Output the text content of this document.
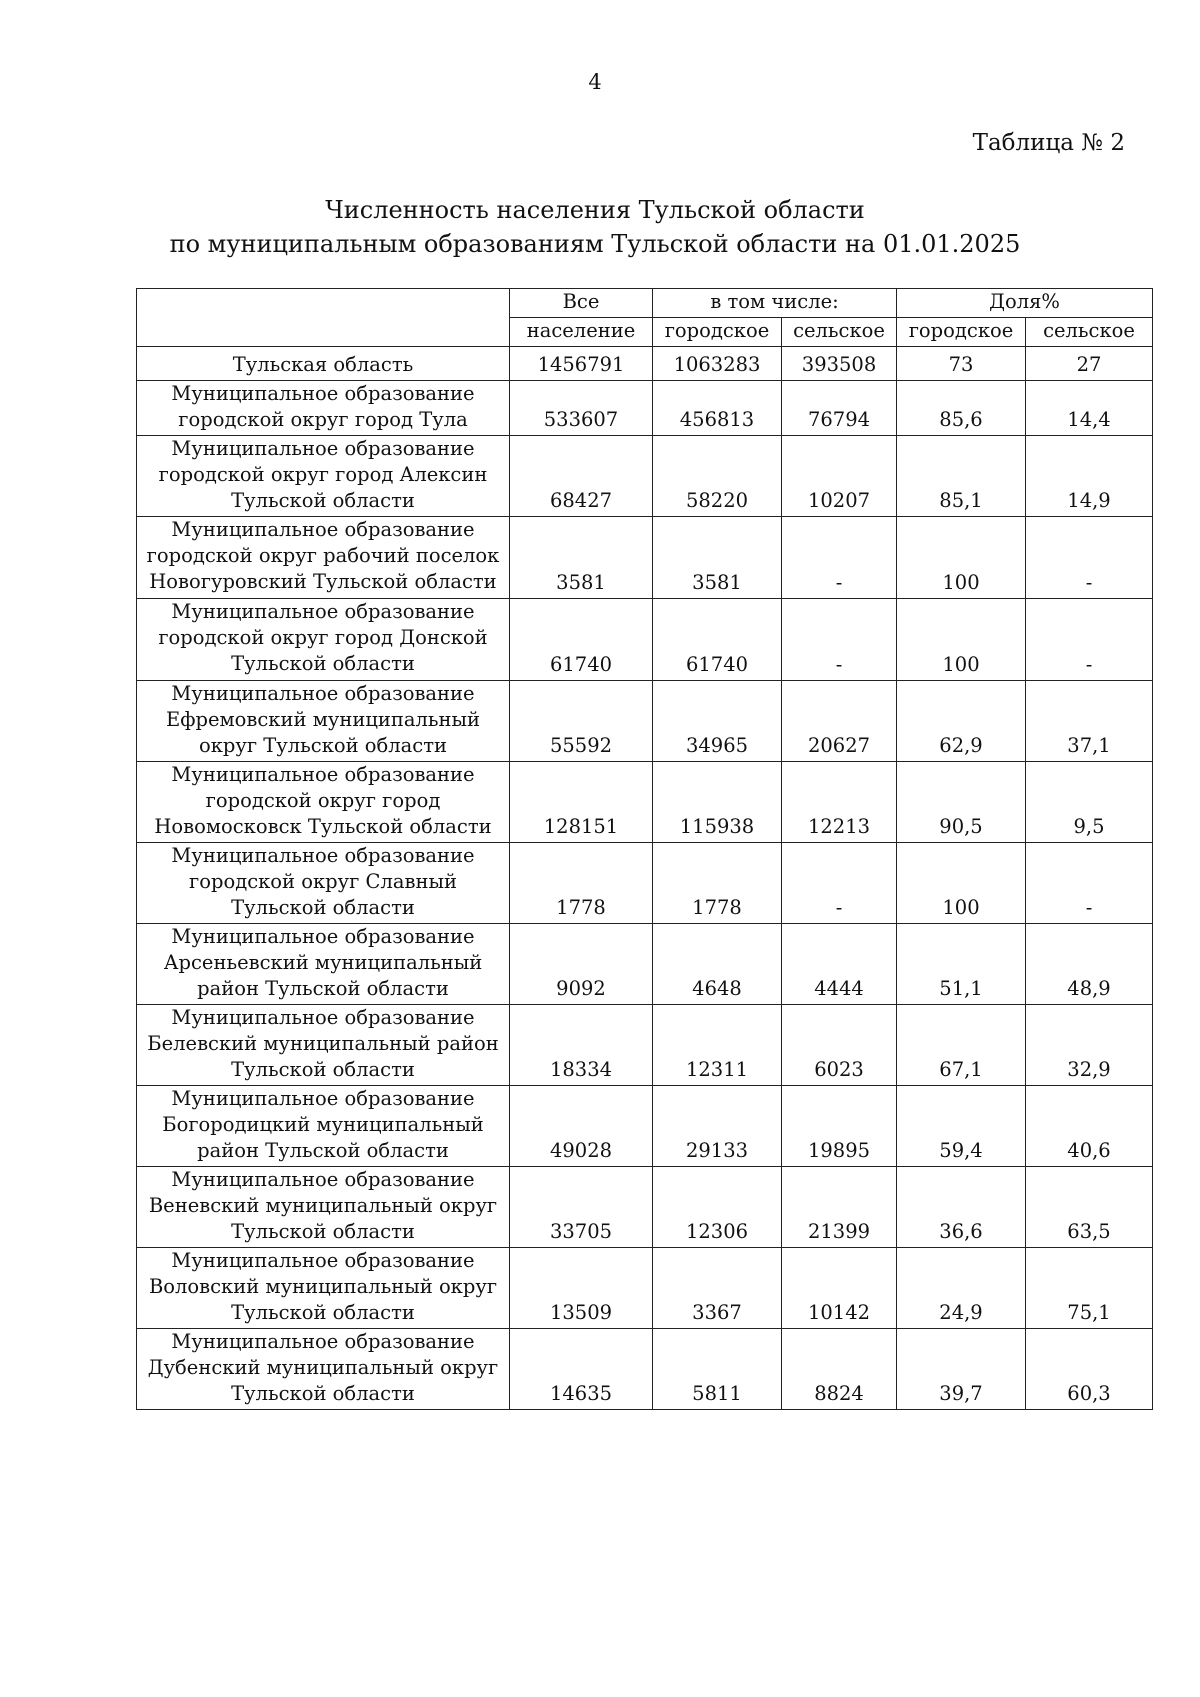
4
Таблица № 2
Численность населения Тульской области
по муниципальным образованиям Тульской области на 01.01.2025
	Все	в том числе:		Доля%	
	население	городское	сельское	городское	сельское

Тульская область	1456791	1063283	393508	73	27

Муниципальное образование
городской округ город Тула	533607	456813	76794	85,6	14,4

Муниципальное образование
городской округ город Алексин
Тульской области	68427	58220	10207	85,1	14,9

Муниципальное образование
городской округ рабочий поселок
Новогуровский Тульской области	3581	3581	-	100	-

Муниципальное образование
городской округ город Донской
Тульской области	61740	61740	-	100	-

Муниципальное образование
Ефремовский муниципальный
округ Тульской области	55592	34965	20627	62,9	37,1

Муниципальное образование
городской округ город
Новомосковск Тульской области	128151	115938	12213	90,5	9,5

Муниципальное образование
городской округ Славный
Тульской области	1778	1778	-	100	-

Муниципальное образование
Арсеньевский муниципальный
район Тульской области	9092	4648	4444	51,1	48,9

Муниципальное образование
Белевский муниципальный район
Тульской области	18334	12311	6023	67,1	32,9

Муниципальное образование
Богородицкий муниципальный
район Тульской области	49028	29133	19895	59,4	40,6

Муниципальное образование
Веневский муниципальный округ
Тульской области	33705	12306	21399	36,6	63,5

Муниципальное образование
Воловский муниципальный округ
Тульской области	13509	3367	10142	24,9	75,1

Муниципальное образование
Дубенский муниципальный округ
Тульской области	14635	5811	8824	39,7	60,3
